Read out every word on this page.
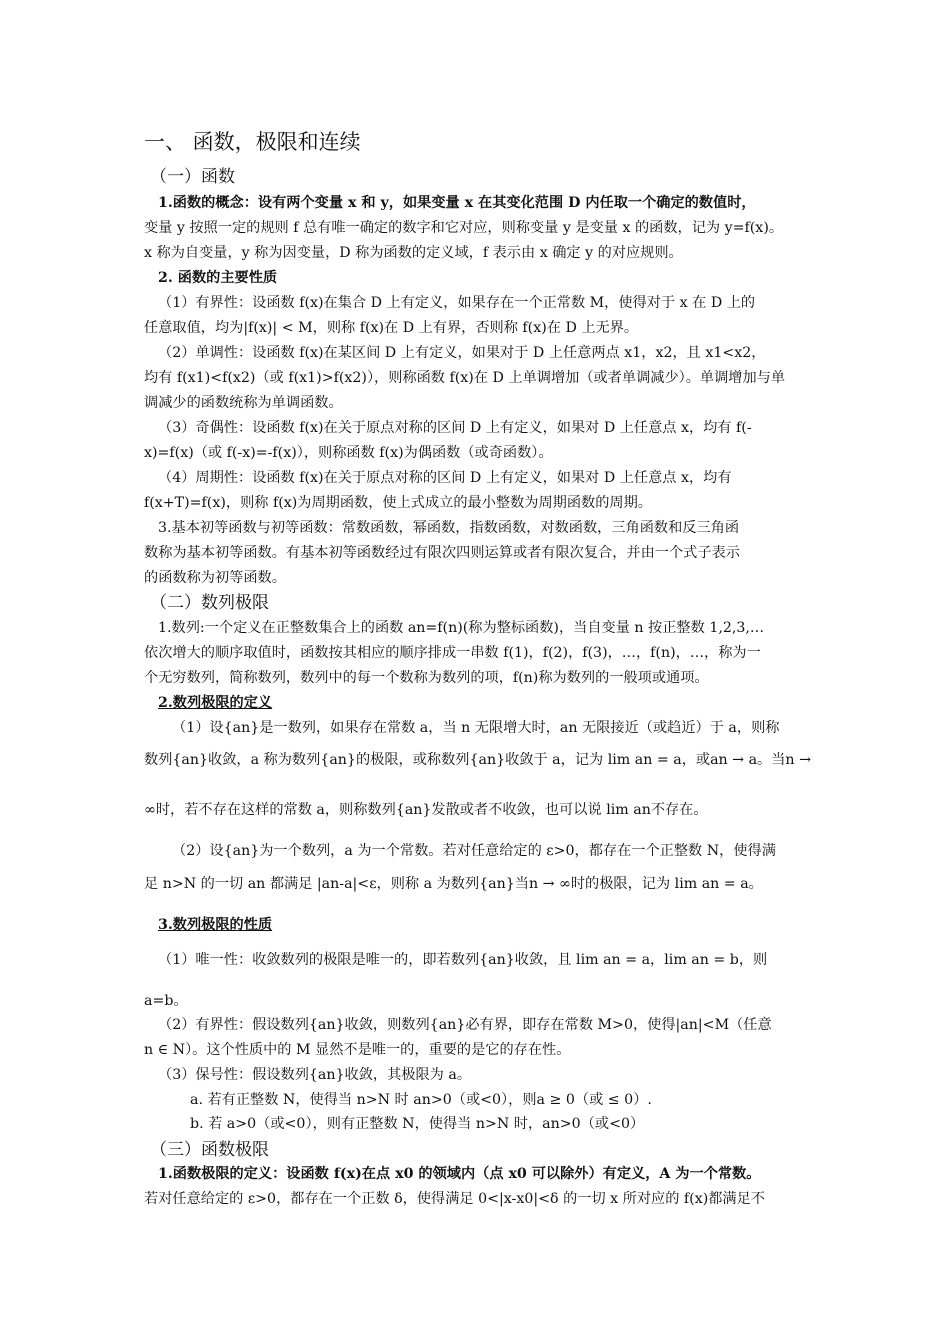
一、 函数，极限和连续
（一）函数
1.函数的概念：设有两个变量 x 和 y，如果变量 x 在其变化范围 D 内任取一个确定的数值时，
变量 y 按照一定的规则 f 总有唯一确定的数字和它对应，则称变量 y 是变量 x 的函数，记为 y=f(x)。
x 称为自变量，y 称为因变量，D 称为函数的定义域，f 表示由 x 确定 y 的对应规则。
2. 函数的主要性质
（1）有界性：设函数 f(x)在集合 D 上有定义，如果存在一个正常数 M，使得对于 x 在 D 上的
任意取值，均为|f(x)| < M，则称 f(x)在 D 上有界，否则称 f(x)在 D 上无界。
（2）单调性：设函数 f(x)在某区间 D 上有定义，如果对于 D 上任意两点 x1，x2，且 x1<x2，
均有 f(x1)<f(x2)（或 f(x1)>f(x2)），则称函数 f(x)在 D 上单调增加（或者单调减少）。单调增加与单
调减少的函数统称为单调函数。
（3）奇偶性：设函数 f(x)在关于原点对称的区间 D 上有定义，如果对 D 上任意点 x，均有 f(-
x)=f(x)（或 f(-x)=-f(x)），则称函数 f(x)为偶函数（或奇函数）。
（4）周期性：设函数 f(x)在关于原点对称的区间 D 上有定义，如果对 D 上任意点 x，均有
f(x+T)=f(x)，则称 f(x)为周期函数，使上式成立的最小整数为周期函数的周期。
3.基本初等函数与初等函数：常数函数，幂函数，指数函数，对数函数，三角函数和反三角函
数称为基本初等函数。有基本初等函数经过有限次四则运算或者有限次复合，并由一个式子表示
的函数称为初等函数。
（二）数列极限
1.数列:一个定义在正整数集合上的函数 an=f(n)(称为整标函数)，当自变量 n 按正整数 1,2,3,…
依次增大的顺序取值时，函数按其相应的顺序排成一串数 f(1)，f(2)，f(3)，…，f(n)，…，称为一
个无穷数列，简称数列，数列中的每一个数称为数列的项，f(n)称为数列的一般项或通项。
2.数列极限的定义
（1）设{an}是一数列，如果存在常数 a，当 n 无限增大时，an 无限接近（或趋近）于 a，则称
数列{an}收敛，a 称为数列{an}的极限，或称数列{an}收敛于 a，记为 lim an = a，或an → a。当n →
∞时，若不存在这样的常数 a，则称数列{an}发散或者不收敛，也可以说 lim an不存在。
（2）设{an}为一个数列，a 为一个常数。若对任意给定的 ε>0，都存在一个正整数 N，使得满
足 n>N 的一切 an 都满足 |an-a|<ε，则称 a 为数列{an}当n → ∞时的极限，记为 lim an = a。
3.数列极限的性质
（1）唯一性：收敛数列的极限是唯一的，即若数列{an}收敛，且 lim an = a，lim an = b，则
a=b。
（2）有界性：假设数列{an}收敛，则数列{an}必有界，即存在常数 M>0，使得|an|<M（任意
n ∈ N）。这个性质中的 M 显然不是唯一的，重要的是它的存在性。
（3）保号性：假设数列{an}收敛，其极限为 a。
a. 若有正整数 N，使得当 n>N 时 an>0（或<0），则a ≥ 0（或 ≤ 0）.
b. 若 a>0（或<0），则有正整数 N，使得当 n>N 时，an>0（或<0）
（三）函数极限
1.函数极限的定义：设函数 f(x)在点 x0 的领域内（点 x0 可以除外）有定义，A 为一个常数。
若对任意给定的 ε>0，都存在一个正数 δ，使得满足 0<|x-x0|<δ 的一切 x 所对应的 f(x)都满足不
